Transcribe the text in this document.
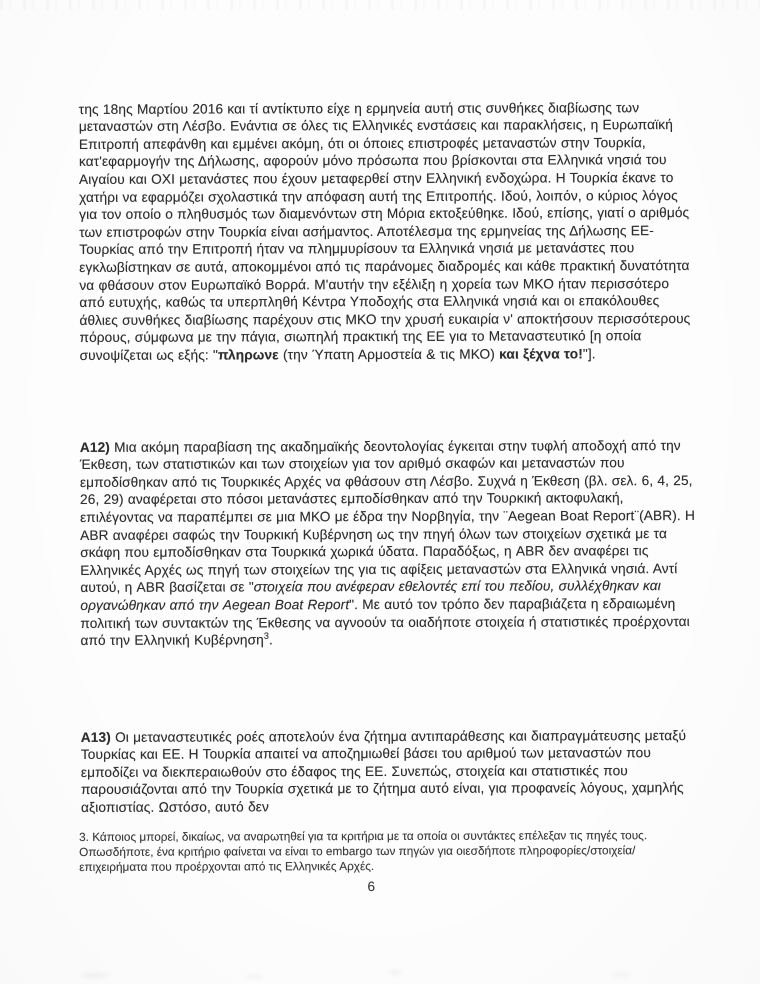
της 18ης Μαρτίου 2016 και τί αντίκτυπο είχε η ερμηνεία αυτή στις συνθήκες διαβίωσης των μεταναστών στη Λέσβο. Ενάντια σε όλες τις Ελληνικές ενστάσεις και παρακλήσεις, η Ευρωπαϊκή Επιτροπή απεφάνθη και εμμένει ακόμη, ότι οι όποιες επιστροφές μεταναστών στην Τουρκία, κατ'εφαρμογήν της Δήλωσης, αφορούν μόνο πρόσωπα που βρίσκονται στα Ελληνικά νησιά του Αιγαίου και ΟΧΙ μετανάστες που έχουν μεταφερθεί στην Ελληνική ενδοχώρα. Η Τουρκία έκανε το χατήρι να εφαρμόζει σχολαστικά την απόφαση αυτή της Επιτροπής. Ιδού, λοιπόν, ο κύριος λόγος για τον οποίο ο πληθυσμός των διαμενόντων στη Μόρια εκτοξεύθηκε. Ιδού, επίσης, γιατί ο αριθμός των επιστροφών στην Τουρκία είναι ασήμαντος. Αποτέλεσμα της ερμηνείας της Δήλωσης ΕΕ-Τουρκίας από την Επιτροπή ήταν να πλημμυρίσουν τα Ελληνικά νησιά με μετανάστες που εγκλωβίστηκαν σε αυτά, αποκομμένοι από τις παράνομες διαδρομές και κάθε πρακτική δυνατότητα να φθάσουν στον Ευρωπαϊκό Βορρά. Μ'αυτήν την εξέλιξη η χορεία των ΜΚΟ ήταν περισσότερο από ευτυχής, καθώς τα υπερπληθή Κέντρα Υποδοχής στα Ελληνικά νησιά και οι επακόλουθες άθλιες συνθήκες διαβίωσης παρέχουν στις ΜΚΟ την χρυσή ευκαιρία ν' αποκτήσουν περισσότερους πόρους, σύμφωνα με την πάγια, σιωπηλή πρακτική της ΕΕ για το Μεταναστευτικό [η οποία συνοψίζεται ως εξής: "πληρωνε (την Ύπατη Αρμοστεία & τις ΜΚΟ) και ξέχνα το!"].

Α12) Μια ακόμη παραβίαση της ακαδημαϊκής δεοντολογίας έγκειται στην τυφλή αποδοχή από την Έκθεση, των στατιστικών και των στοιχείων για τον αριθμό σκαφών και μεταναστών που εμποδίσθηκαν από τις Τουρκικές Αρχές να φθάσουν στη Λέσβο. Συχνά η Έκθεση (βλ. σελ. 6, 4, 25, 26, 29) αναφέρεται στο πόσοι μετανάστες εμποδίσθηκαν από την Τουρκική ακτοφυλακή, επιλέγοντας να παραπέμπει σε μια ΜΚΟ με έδρα την Νορβηγία, την ¨Aegean Boat Report¨(ABR). Η ABR αναφέρει σαφώς την Τουρκική Κυβέρνηση ως την πηγή όλων των στοιχείων σχετικά με τα σκάφη που εμποδίσθηκαν στα Τουρκικά χωρικά ύδατα. Παραδόξως, η ABR δεν αναφέρει τις Ελληνικές Αρχές ως πηγή των στοιχείων της για τις αφίξεις μεταναστών στα Ελληνικά νησιά. Αντί αυτού, η ABR βασίζεται σε "στοιχεία που ανέφεραν εθελοντές επί του πεδίου, συλλέχθηκαν και οργανώθηκαν από την Aegean Boat Report". Με αυτό τον τρόπο δεν παραβιάζετα η εδραιωμένη πολιτική των συντακτών της Έκθεσης να αγνοούν τα οιαδήποτε στοιχεία ή στατιστικές προέρχονται από την Ελληνική Κυβέρνηση$^3$.

Α13) Οι μεταναστευτικές ροές αποτελούν ένα ζήτημα αντιπαράθεσης και διαπραγμάτευσης μεταξύ Τουρκίας και ΕΕ. Η Τουρκία απαιτεί να αποζημιωθεί βάσει του αριθμού των μεταναστών που εμποδίζει να διεκπεραιωθούν στο έδαφος της ΕΕ. Συνεπώς, στοιχεία και στατιστικές που παρουσιάζονται από την Τουρκία σχετικά με το ζήτημα αυτό είναι, για προφανείς λόγους, χαμηλής αξιοπιστίας. Ωστόσο, αυτό δεν

3. Κάποιος μπορεί, δικαίως, να αναρωτηθεί για τα κριτήρια με τα οποία οι συντάκτες επέλεξαν τις πηγές τους. Οπωσδήποτε, ένα κριτήριο φαίνεται να είναι το embargo των πηγών για οιεσδήποτε πληροφορίες/στοιχεία/επιχειρήματα που προέρχονται από τις Ελληνικές Αρχές.

6
